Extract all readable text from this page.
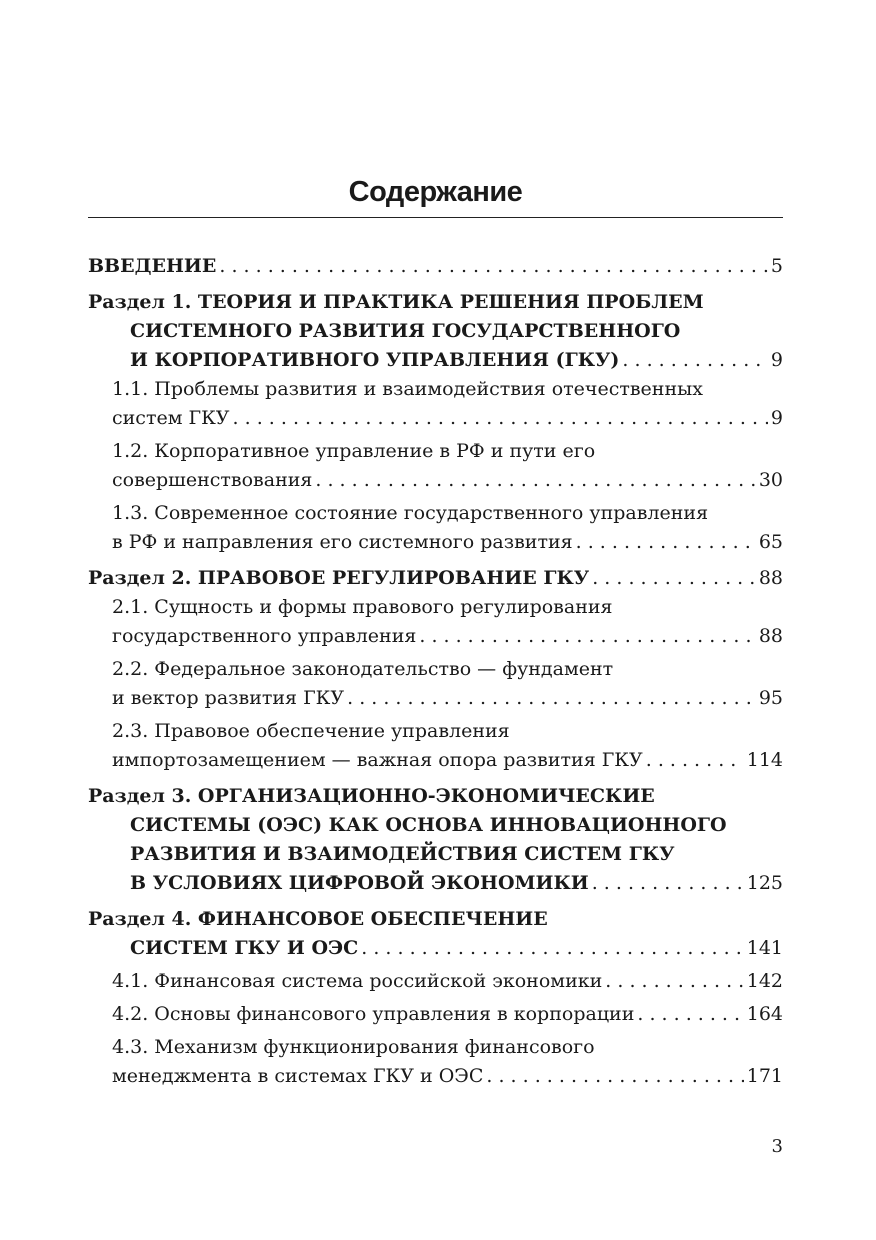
Содержание
ВВЕДЕНИЕ . . .	5
Раздел 1. ТЕОРИЯ И ПРАКТИКА РЕШЕНИЯ ПРОБЛЕМ
СИСТЕМНОГО РАЗВИТИЯ ГОСУДАРСТВЕННОГО
И КОРПОРАТИВНОГО УПРАВЛЕНИЯ (ГКУ) . . .	9
1.1. Проблемы развития и взаимодействия отечественных
систем ГКУ . . .	9
1.2. Корпоративное управление в РФ и пути его
совершенствования . . .	30
1.3. Современное состояние государственного управления
в РФ и направления его системного развития . . .	65
Раздел 2. ПРАВОВОЕ РЕГУЛИРОВАНИЕ ГКУ . . .	88
2.1. Сущность и формы правового регулирования
государственного управления . . .	88
2.2. Федеральное законодательство — фундамент
и вектор развития ГКУ . . .	95
2.3. Правовое обеспечение управления
импортозамещением — важная опора развития ГКУ . . .	114
Раздел 3. ОРГАНИЗАЦИОННО-ЭКОНОМИЧЕСКИЕ
СИСТЕМЫ (ОЭС) КАК ОСНОВА ИННОВАЦИОННОГО
РАЗВИТИЯ И ВЗАИМОДЕЙСТВИЯ СИСТЕМ ГКУ
В УСЛОВИЯХ ЦИФРОВОЙ ЭКОНОМИКИ . . .	125
Раздел 4. ФИНАНСОВОЕ ОБЕСПЕЧЕНИЕ
СИСТЕМ ГКУ И ОЭС . . .	141
4.1. Финансовая система российской экономики . . .	142
4.2. Основы финансового управления в корпорации . . .	164
4.3. Механизм функционирования финансового
менеджмента в системах ГКУ и ОЭС . . .	171
3
